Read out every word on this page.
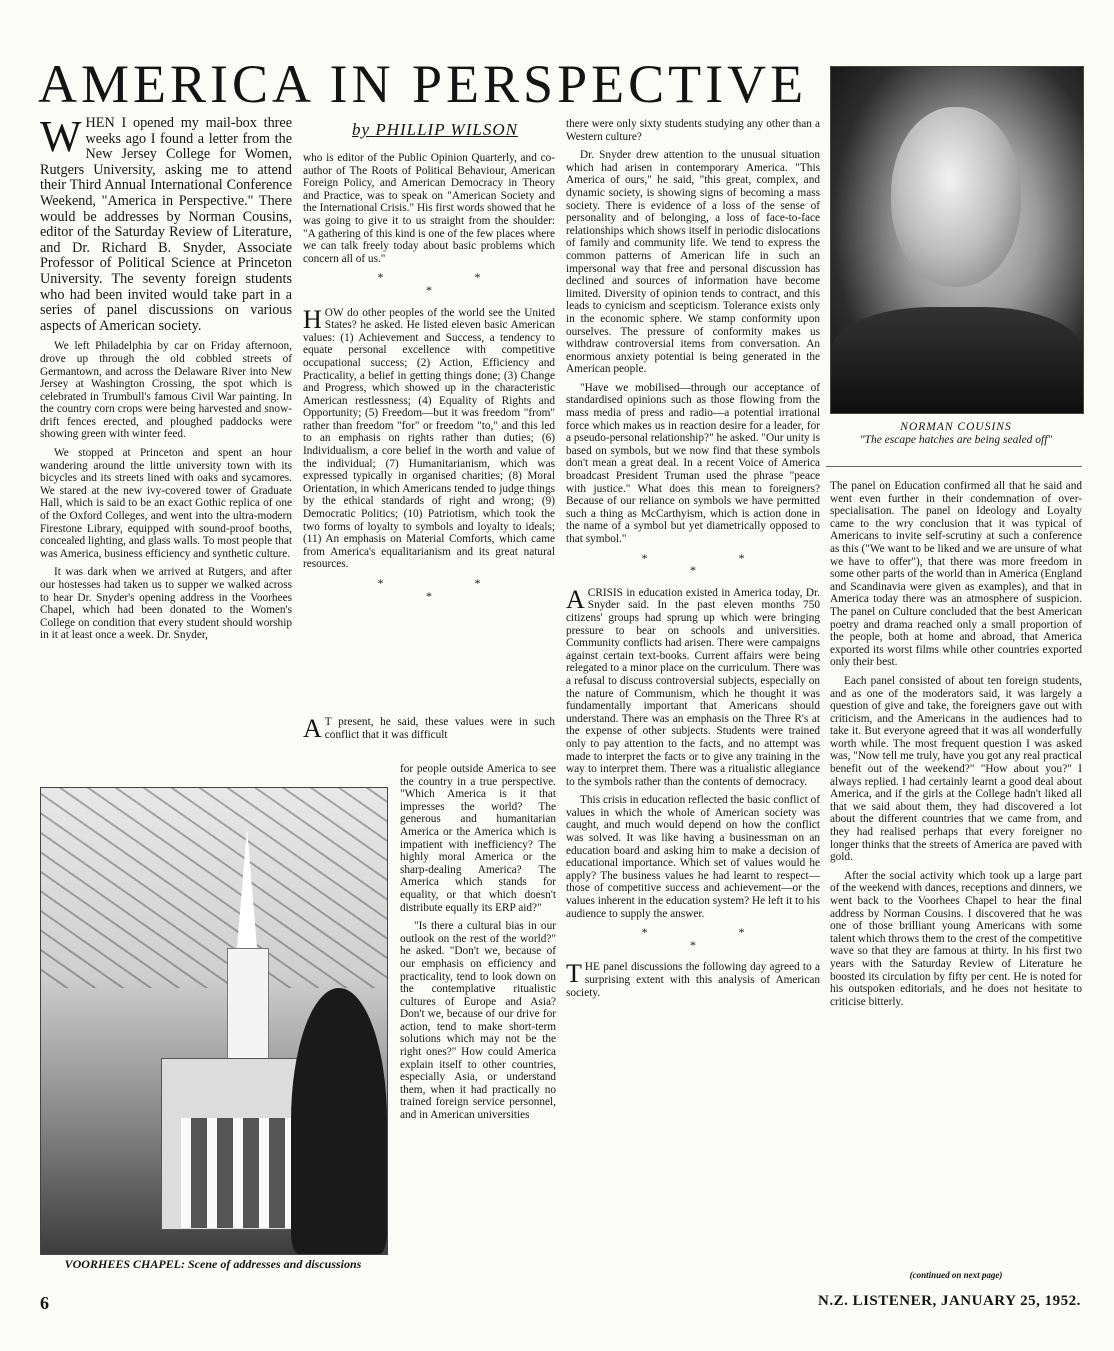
AMERICA IN PERSPECTIVE
by PHILLIP WILSON

WHEN I opened my mail-box three weeks ago I found a letter from the New Jersey College for Women, Rutgers University, asking me to attend their Third Annual International Conference Weekend, "America in Perspective." There would be addresses by Norman Cousins, editor of the Saturday Review of Literature, and Dr. Richard B. Snyder, Associate Professor of Political Science at Princeton University. The seventy foreign students who had been invited would take part in a series of panel discussions on various aspects of American society.

We left Philadelphia by car on Friday afternoon, drove up through the old cobbled streets of Germantown, and across the Delaware River into New Jersey at Washington Crossing, the spot which is celebrated in Trumbull's famous Civil War painting. In the country corn crops were being harvested and snow-drift fences erected, and ploughed paddocks were showing green with winter feed.

We stopped at Princeton and spent an hour wandering around the little university town with its bicycles and its streets lined with oaks and sycamores. We stared at the new ivy-covered tower of Graduate Hall, which is said to be an exact Gothic replica of one of the Oxford Colleges, and went into the ultra-modern Firestone Library, equipped with sound-proof booths, concealed lighting, and glass walls. To most people that was America, business efficiency and synthetic culture.

It was dark when we arrived at Rutgers, and after our hostesses had taken us to supper we walked across to hear Dr. Snyder's opening address in the Voorhees Chapel, which had been donated to the Women's College on condition that every student should worship in it at least once a week. Dr. Snyder,

who is editor of the Public Opinion Quarterly, and co-author of The Roots of Political Behaviour, American Foreign Policy, and American Democracy in Theory and Practice, was to speak on "American Society and the International Crisis." His first words showed that he was going to give it to us straight from the shoulder: "A gathering of this kind is one of the few places where we can talk freely today about basic problems which concern all of us."

* * *

HOW do other peoples of the world see the United States? he asked. He listed eleven basic American values: (1) Achievement and Success, a tendency to equate personal excellence with competitive occupational success; (2) Action, Efficiency and Practicality, a belief in getting things done; (3) Change and Progress, which showed up in the characteristic American restlessness; (4) Equality of Rights and Opportunity; (5) Freedom—but it was freedom "from" rather than freedom "for" or freedom "to," and this led to an emphasis on rights rather than duties; (6) Individualism, a core belief in the worth and value of the individual; (7) Humanitarianism, which was expressed typically in organised charities; (8) Moral Orientation, in which Americans tended to judge things by the ethical standards of right and wrong; (9) Democratic Politics; (10) Patriotism, which took the two forms of loyalty to symbols and loyalty to ideals; (11) An emphasis on Material Comforts, which came from America's equalitarianism and its great natural resources.

* * *

A T present, he said, these values were in such conflict that it was difficult

for people outside America to see the country in a true perspective. "Which America is it that impresses the world? The generous and humanitarian America or the America which is impatient with inefficiency? The highly moral America or the sharp-dealing America? The America which stands for equality, or that which doesn't distribute equally its ERP aid?"

"Is there a cultural bias in our outlook on the rest of the world?" he asked. "Don't we, because of our emphasis on efficiency and practicality, tend to look down on the contemplative ritualistic cultures of Europe and Asia? Don't we, because of our drive for action, tend to make short-term solutions which may not be the right ones?" How could America explain itself to other countries, especially Asia, or understand them, when it had practically no trained foreign service personnel, and in American universities

there were only sixty students studying any other than a Western culture?

Dr. Snyder drew attention to the unusual situation which had arisen in contemporary America. "This America of ours," he said, "this great, complex, and dynamic society, is showing signs of becoming a mass society. There is evidence of a loss of the sense of personality and of belonging, a loss of face-to-face relationships which shows itself in periodic dislocations of family and community life. We tend to express the common patterns of American life in such an impersonal way that free and personal discussion has declined and sources of information have become limited. Diversity of opinion tends to contract, and this leads to cynicism and scepticism. Tolerance exists only in the economic sphere. We stamp conformity upon ourselves. The pressure of conformity makes us withdraw controversial items from conversation. An enormous anxiety potential is being generated in the American people.

"Have we mobilised—through our acceptance of standardised opinions such as those flowing from the mass media of press and radio—a potential irrational force which makes us in reaction desire for a leader, for a pseudo-personal relationship?" he asked. "Our unity is based on symbols, but we now find that these symbols don't mean a great deal. In a recent Voice of America broadcast President Truman used the phrase "peace with justice." What does this mean to foreigners? Because of our reliance on symbols we have permitted such a thing as McCarthyism, which is action done in the name of a symbol but yet diametrically opposed to that symbol."

* * *

ACRISIS in education existed in America today, Dr. Snyder said. In the past eleven months 750 citizens' groups had sprung up which were bringing pressure to bear on schools and universities. Community conflicts had arisen. There were campaigns against certain text-books. Current affairs were being relegated to a minor place on the curriculum. There was a refusal to discuss controversial subjects, especially on the nature of Communism, which he thought it was fundamentally important that Americans should understand. There was an emphasis on the Three R's at the expense of other subjects. Students were trained only to pay attention to the facts, and no attempt was made to interpret the facts or to give any training in the way to interpret them. There was a ritualistic allegiance to the symbols rather than the contents of democracy.

This crisis in education reflected the basic conflict of values in which the whole of American society was caught, and much would depend on how the conflict was solved. It was like having a businessman on an education board and asking him to make a decision of educational importance. Which set of values would he apply? The business values he had learnt to respect—those of competitive success and achievement—or the values inherent in the education system? He left it to his audience to supply the answer.

* * *

THE panel discussions the following day agreed to a surprising extent with this analysis of American society.

The panel on Education confirmed all that he said and went even further in their condemnation of over-specialisation. The panel on Ideology and Loyalty came to the wry conclusion that it was typical of Americans to invite self-scrutiny at such a conference as this ("We want to be liked and we are unsure of what we have to offer"), that there was more freedom in some other parts of the world than in America (England and Scandinavia were given as examples), and that in America today there was an atmosphere of suspicion. The panel on Culture concluded that the best American poetry and drama reached only a small proportion of the people, both at home and abroad, that America exported its worst films while other countries exported only their best.

Each panel consisted of about ten foreign students, and as one of the moderators said, it was largely a question of give and take, the foreigners gave out with criticism, and the Americans in the audiences had to take it. But everyone agreed that it was all wonderfully worth while. The most frequent question I was asked was, "Now tell me truly, have you got any real practical benefit out of the weekend?" "How about you?" I always replied. I had certainly learnt a good deal about America, and if the girls at the College hadn't liked all that we said about them, they had discovered a lot about the different countries that we came from, and they had realised perhaps that every foreigner no longer thinks that the streets of America are paved with gold.

After the social activity which took up a large part of the weekend with dances, receptions and dinners, we went back to the Voorhees Chapel to hear the final address by Norman Cousins. I discovered that he was one of those brilliant young Americans with some talent which throws them to the crest of the competitive wave so that they are famous at thirty. In his first two years with the Saturday Review of Literature he boosted its circulation by fifty per cent. He is noted for his outspoken editorials, and he does not hesitate to criticise bitterly.

(continued on next page)
NORMAN COUSINS
"The escape hatches are being sealed off"
VOORHEES CHAPEL: Scene of addresses and discussions
6	N.Z. LISTENER, JANUARY 25, 1952.
